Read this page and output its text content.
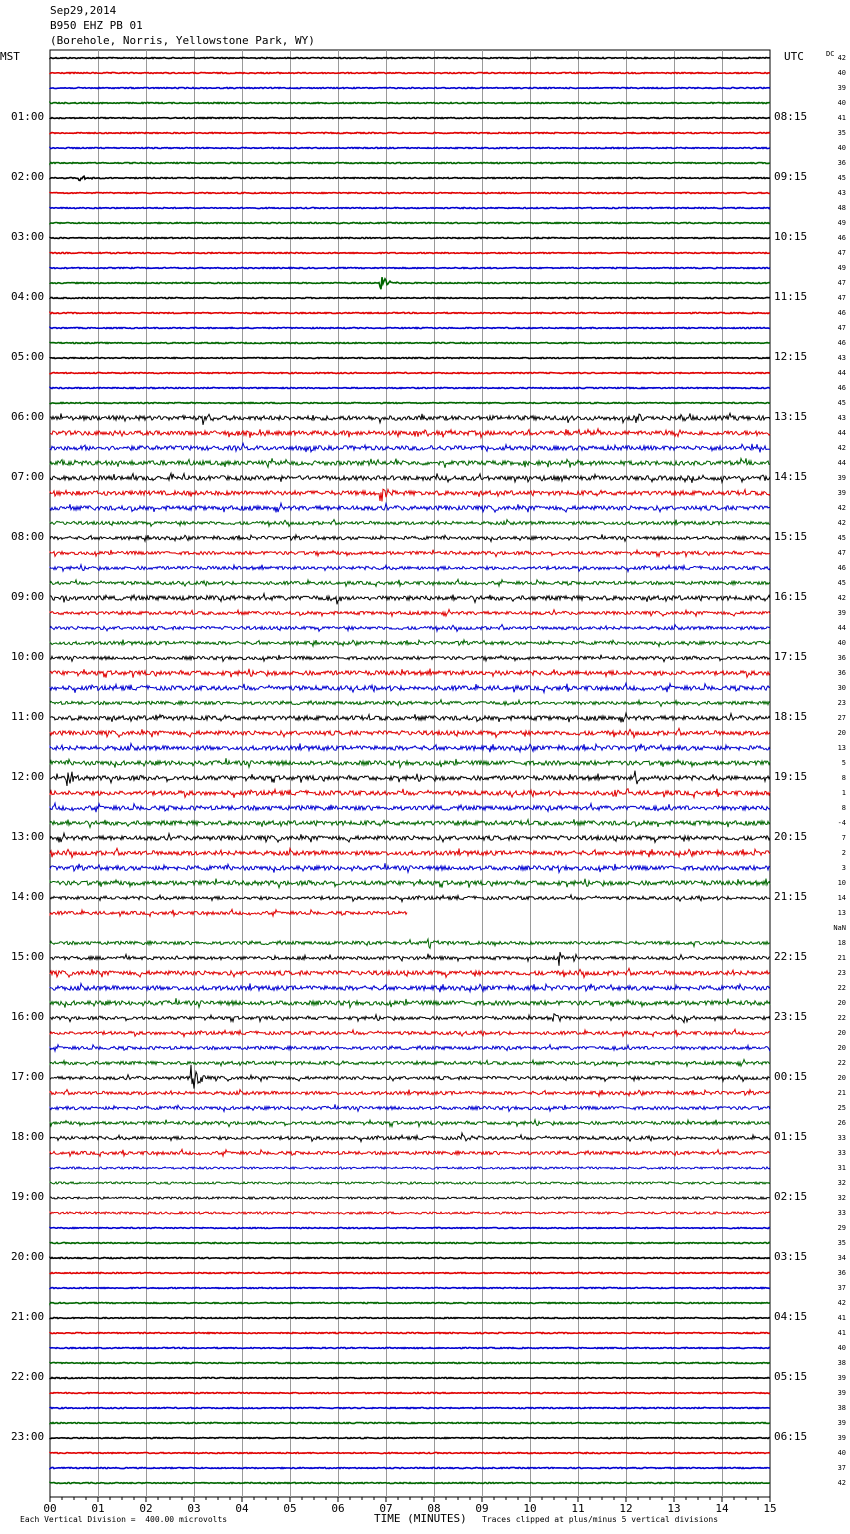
Sep29,2014
B950 EHZ PB 01
(Borehole, Norris, Yellowstone Park, WY)
MST	UTC	DC
00	01	02	03	04	05	06	07	08	09	10	11	12	13	14	15
01:00
02:00
03:00
04:00
05:00
06:00
07:00
08:00
09:00
10:00
11:00
12:00
13:00
14:00
15:00
16:00
17:00
18:00
19:00
20:00
21:00
22:00
23:00
08:15
09:15
10:15
11:15
12:15
13:15
14:15
15:15
16:15
17:15
18:15
19:15
20:15
21:15
22:15
23:15
00:15
01:15
02:15
03:15
04:15
05:15
06:15
42
40
39
40
41
35
40
36
45
43
48
49
46
47
49
47
47
46
47
46
43
44
46
45
43
44
42
44
39
39
42
42
45
47
46
45
42
39
44
40
36
36
30
23
27
20
13
5
8
1
8
-4
7
2
3
10
14
13
NaN
18
21
23
22
20
22
20
20
22
20
21
25
26
33
33
31
32
32
33
29
35
34
36
37
42
41
41
40
38
39
39
38
39
39
40
37
42
Each Vertical Division =  400.00 microvolts	TIME (MINUTES) Traces clipped at plus/minus 5 vertical divisions
